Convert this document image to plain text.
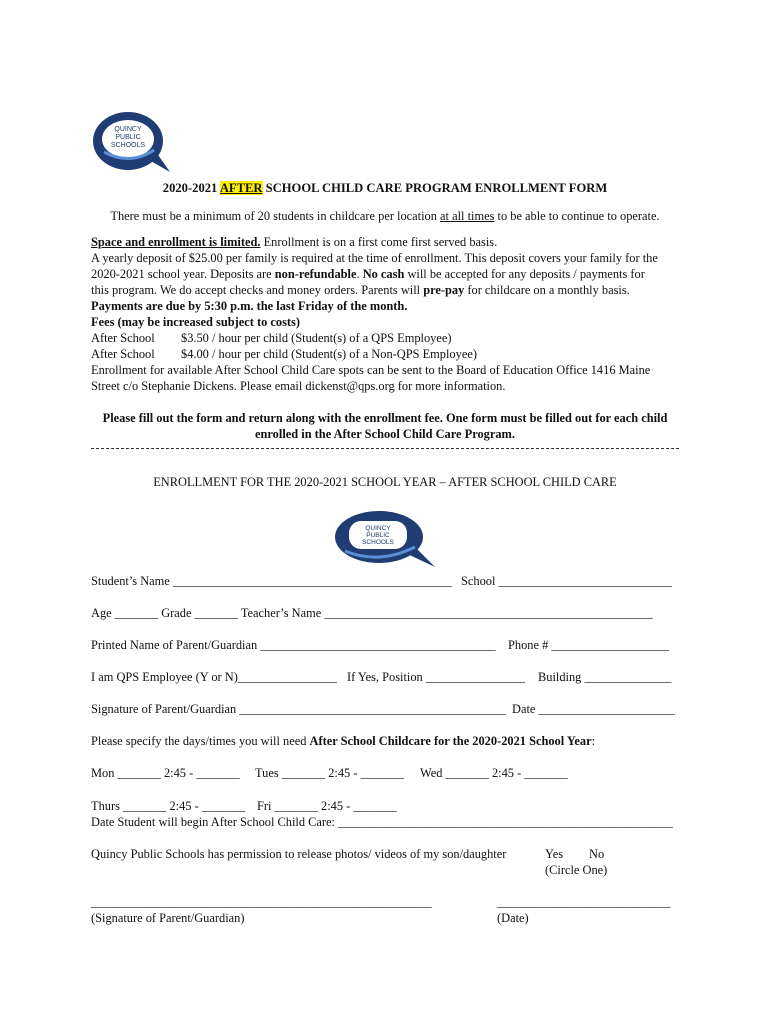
QUINCY
PUBLIC
SCHOOLS
2020-2021 AFTER SCHOOL CHILD CARE PROGRAM ENROLLMENT FORM
There must be a minimum of 20 students in childcare per location at all times to be able to continue to operate.
Space and enrollment is limited. Enrollment is on a first come first served basis.
A yearly deposit of $25.00 per family is required at the time of enrollment. This deposit covers your family for the
2020-2021 school year. Deposits are non-refundable. No cash will be accepted for any deposits / payments for
this program. We do accept checks and money orders. Parents will pre-pay for childcare on a monthly basis.
Payments are due by 5:30 p.m. the last Friday of the month.
Fees (may be increased subject to costs)
After School $3.50 / hour per child (Student(s) of a QPS Employee)
After School $4.00 / hour per child (Student(s) of a Non-QPS Employee)
Enrollment for available After School Child Care spots can be sent to the Board of Education Office 1416 Maine
Street c/o Stephanie Dickens. Please email dickenst@qps.org for more information.
Please fill out the form and return along with the enrollment fee. One form must be filled out for each child
enrolled in the After School Child Care Program.
ENROLLMENT FOR THE 2020-2021 SCHOOL YEAR – AFTER SCHOOL CHILD CARE
QUINCY
PUBLIC
SCHOOLS
Student’s Name _____________________________________________ School ____________________________
Age _______ Grade _______ Teacher’s Name _____________________________________________________
Printed Name of Parent/Guardian ______________________________________ Phone # ___________________
I am QPS Employee (Y or N)________________ If Yes, Position ________________ Building ______________
Signature of Parent/Guardian ___________________________________________ Date ______________________
Please specify the days/times you will need After School Childcare for the 2020-2021 School Year:
Mon _______ 2:45 - _______ Tues _______ 2:45 - _______ Wed _______ 2:45 - _______
Thurs _______ 2:45 - _______ Fri _______ 2:45 - _______
Date Student will begin After School Child Care: ______________________________________________________
Quincy Public Schools has permission to release photos/ videos of my son/daughter	Yes No
(Circle One)
_______________________________________________________
(Signature of Parent/Guardian)
____________________________
(Date)
